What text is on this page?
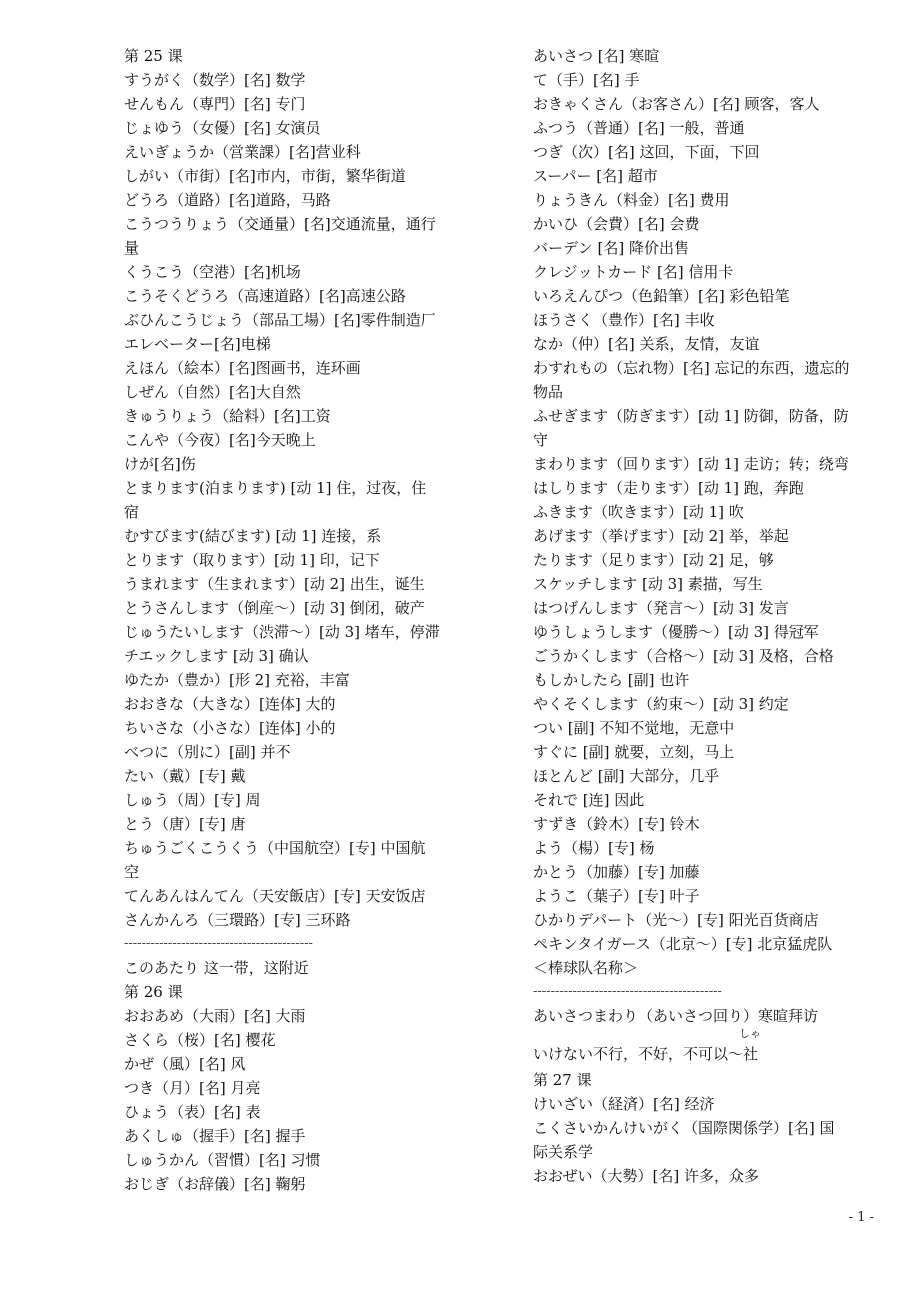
第 25 课
すうがく（数学）[名] 数学
せんもん（専門）[名] 专门
じょゆう（女優）[名] 女演员
えいぎょうか（営業課）[名]营业科
しがい（市街）[名]市内，市街，繁华街道
どうろ（道路）[名]道路，马路
こうつうりょう（交通量）[名]交通流量，通行
量
くうこう（空港）[名]机场
こうそくどうろ（高速道路）[名]高速公路
ぶひんこうじょう（部品工場）[名]零件制造厂
エレベーター[名]电梯
えほん（絵本）[名]图画书，连环画
しぜん（自然）[名]大自然
きゅうりょう（給料）[名]工资
こんや（今夜）[名]今天晚上
けが[名]伤
とまります(泊まります) [动 1] 住，过夜，住
宿
むすびます(結びます) [动 1] 连接，系
とります（取ります）[动 1] 印，记下
うまれます（生まれます）[动 2] 出生，诞生
とうさんします（倒産～）[动 3] 倒闭，破产
じゅうたいします（渋滞～）[动 3] 堵车，停滞
チエックします [动 3] 确认
ゆたか（豊か）[形 2] 充裕，丰富
おおきな（大きな）[连体] 大的
ちいさな（小さな）[连体] 小的
べつに（別に）[副] 并不
たい（戴）[专] 戴
しゅう（周）[专] 周
とう（唐）[专] 唐
ちゅうごくこうくう（中国航空）[专] 中国航
空
てんあんはんてん（天安飯店）[专] 天安饭店
さんかんろ（三環路）[专] 三环路
-------------------------------------------
このあたり 这一带，这附近
第 26 课
おおあめ（大雨）[名] 大雨
さくら（桜）[名] 樱花
かぜ（風）[名] 风
つき（月）[名] 月亮
ひょう（表）[名] 表
あくしゅ（握手）[名] 握手
しゅうかん（習慣）[名] 习惯
おじぎ（お辞儀）[名] 鞠躬
あいさつ [名] 寒暄
て（手）[名] 手
おきゃくさん（お客さん）[名] 顾客，客人
ふつう（普通）[名] 一般，普通
つぎ（次）[名] 这回，下面，下回
スーパー [名] 超市
りょうきん（料金）[名] 费用
かいひ（会費）[名] 会费
バーデン [名] 降价出售
クレジットカード [名] 信用卡
いろえんぴつ（色鉛筆）[名] 彩色铅笔
ほうさく（豊作）[名] 丰收
なか（仲）[名] 关系，友情，友谊
わすれもの（忘れ物）[名] 忘记的东西，遗忘的
物品
ふせぎます（防ぎます）[动 1] 防御，防备，防
守
まわります（回ります）[动 1] 走访；转；绕弯
はしります（走ります）[动 1] 跑，奔跑
ふきます（吹きます）[动 1] 吹
あげます（挙げます）[动 2] 举，举起
たります（足ります）[动 2] 足，够
スケッチします [动 3] 素描，写生
はつげんします（発言～）[动 3] 发言
ゆうしょうします（優勝～）[动 3] 得冠军
ごうかくします（合格～）[动 3] 及格，合格
もしかしたら [副] 也许
やくそくします（約束～）[动 3] 约定
つい [副] 不知不觉地，无意中
すぐに [副] 就要，立刻，马上
ほとんど [副] 大部分，几乎
それで [连] 因此
すずき（鈴木）[专] 铃木
よう（楊）[专] 杨
かとう（加藤）[专] 加藤
ようこ（葉子）[专] 叶子
ひかりデパート（光～）[专] 阳光百货商店
ペキンタイガース（北京～）[专] 北京猛虎队
＜棒球队名称＞
-------------------------------------------
あいさつまわり（あいさつ回り）寒暄拜访
いけない不行，不好，不可以～
しゃ
社
第 27 课
けいざい（経済）[名] 经济
こくさいかんけいがく（国際関係学）[名] 国
际关系学
おおぜい（大勢）[名] 许多，众多
- 1 -
